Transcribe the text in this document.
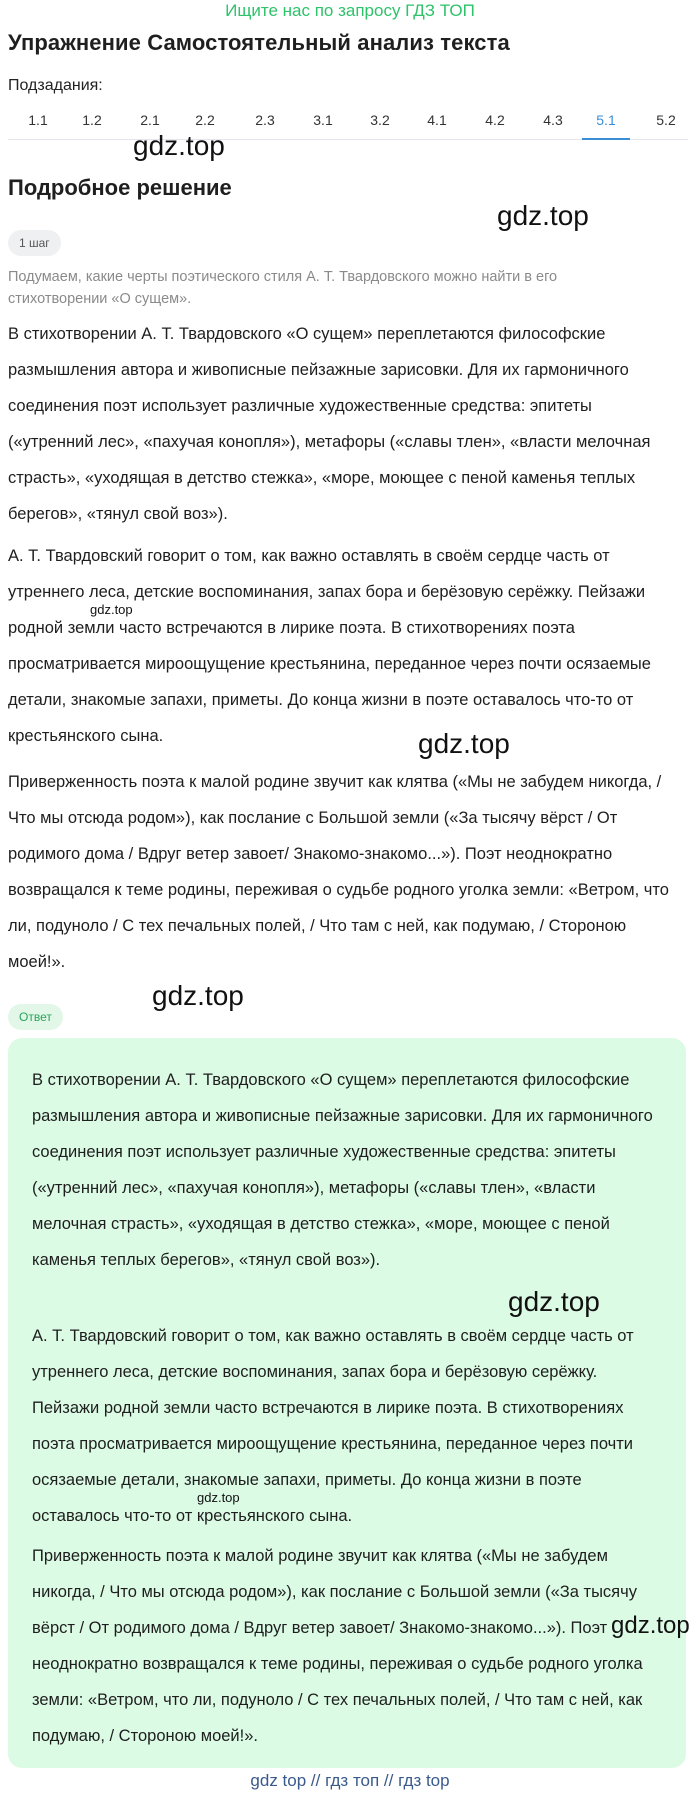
Ищите нас по запросу ГДЗ ТОП
Упражнение Самостоятельный анализ текста
Подзадания:
1.1	1.2	2.1	2.2	2.3	3.1	3.2	4.1	4.2	4.3	5.1	5.2
gdz.top
Подробное решение
gdz.top
1 шаг
Подумаем, какие черты поэтического стиля А. Т. Твардовского можно найти в его стихотворении «О сущем».
В стихотворении А. Т. Твардовского «О сущем» переплетаются философские размышления автора и живописные пейзажные зарисовки. Для их гармоничного соединения поэт использует различные художественные средства: эпитеты («утренний лес», «пахучая конопля»), метафоры («славы тлен», «власти мелочная страсть», «уходящая в детство стежка», «море, моющее с пеной каменья теплых берегов», «тянул свой воз»).
А. Т. Твардовский говорит о том, как важно оставлять в своём сердце часть от утреннего леса, детские воспоминания, запах бора и берёзовую серёжку. Пейзажи родной земли часто встречаются в лирике поэта. В стихотворениях поэта просматривается мироощущение крестьянина, переданное через почти осязаемые детали, знакомые запахи, приметы. До конца жизни в поэте оставалось что-то от крестьянского сына.
Приверженность поэта к малой родине звучит как клятва («Мы не забудем никогда, / Что мы отсюда родом»), как послание с Большой земли («За тысячу вёрст / От родимого дома / Вдруг ветер завоет/ Знакомо-знакомо...»). Поэт неоднократно возвращался к теме родины, переживая о судьбе родного уголка земли: «Ветром, что ли, подуноло / С тех печальных полей, / Что там с ней, как подумаю, / Стороною моей!».
gdz.top
gdz.top
gdz.top
Ответ
В стихотворении А. Т. Твардовского «О сущем» переплетаются философские размышления автора и живописные пейзажные зарисовки. Для их гармоничного соединения поэт использует различные художественные средства: эпитеты («утренний лес», «пахучая конопля»), метафоры («славы тлен», «власти мелочная страсть», «уходящая в детство стежка», «море, моющее с пеной каменья теплых берегов», «тянул свой воз»).
А. Т. Твардовский говорит о том, как важно оставлять в своём сердце часть от утреннего леса, детские воспоминания, запах бора и берёзовую серёжку. Пейзажи родной земли часто встречаются в лирике поэта. В стихотворениях поэта просматривается мироощущение крестьянина, переданное через почти осязаемые детали, знакомые запахи, приметы. До конца жизни в поэте оставалось что-то от крестьянского сына.
Приверженность поэта к малой родине звучит как клятва («Мы не забудем никогда, / Что мы отсюда родом»), как послание с Большой земли («За тысячу вёрст / От родимого дома / Вдруг ветер завоет/ Знакомо-знакомо...»). Поэт неоднократно возвращался к теме родины, переживая о судьбе родного уголка земли: «Ветром, что ли, подуноло / С тех печальных полей, / Что там с ней, как подумаю, / Стороною моей!».
gdz.top
gdz.top
gdz.top
gdz top // гдз топ // гдз top
